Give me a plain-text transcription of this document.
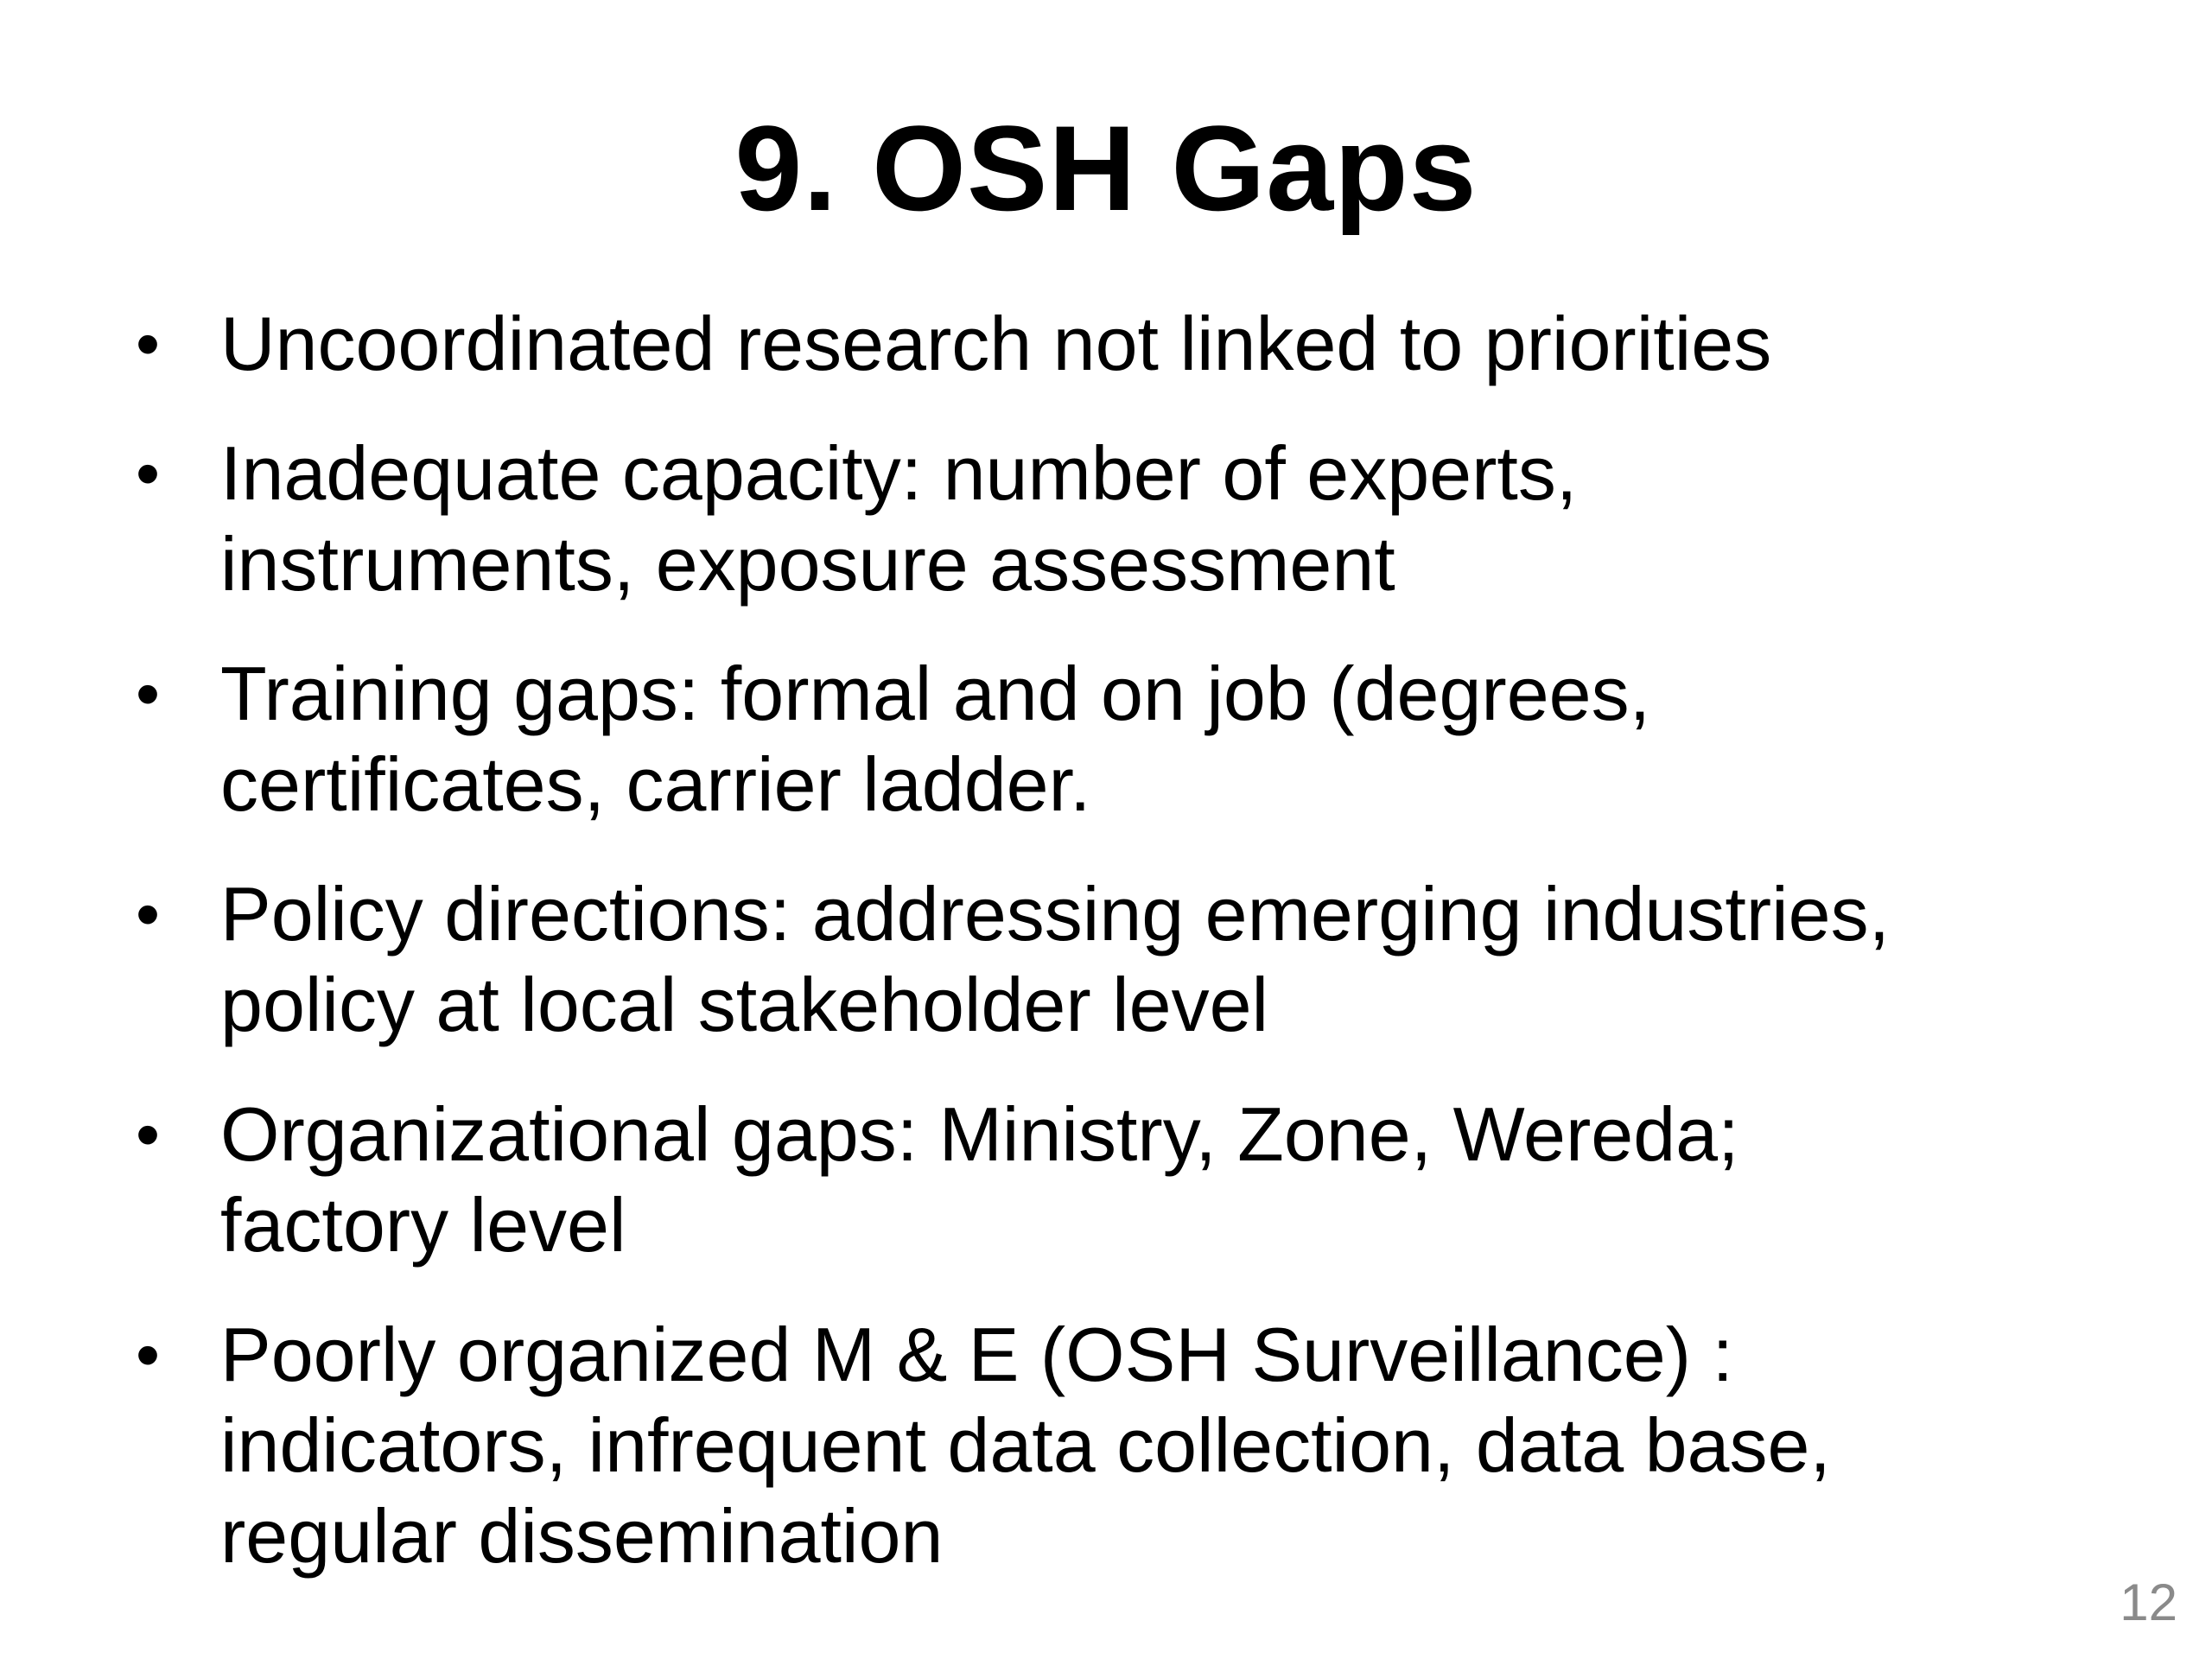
9. OSH Gaps
• Uncoordinated research not linked to priorities
• Inadequate capacity: number of experts,
instruments, exposure assessment
• Training gaps: formal and on job (degrees,
certificates, carrier ladder.
• Policy directions: addressing emerging industries,
policy at local stakeholder level
• Organizational gaps: Ministry, Zone, Wereda;
factory level
• Poorly organized M & E (OSH Surveillance) :
indicators, infrequent data collection, data base,
regular dissemination
12
